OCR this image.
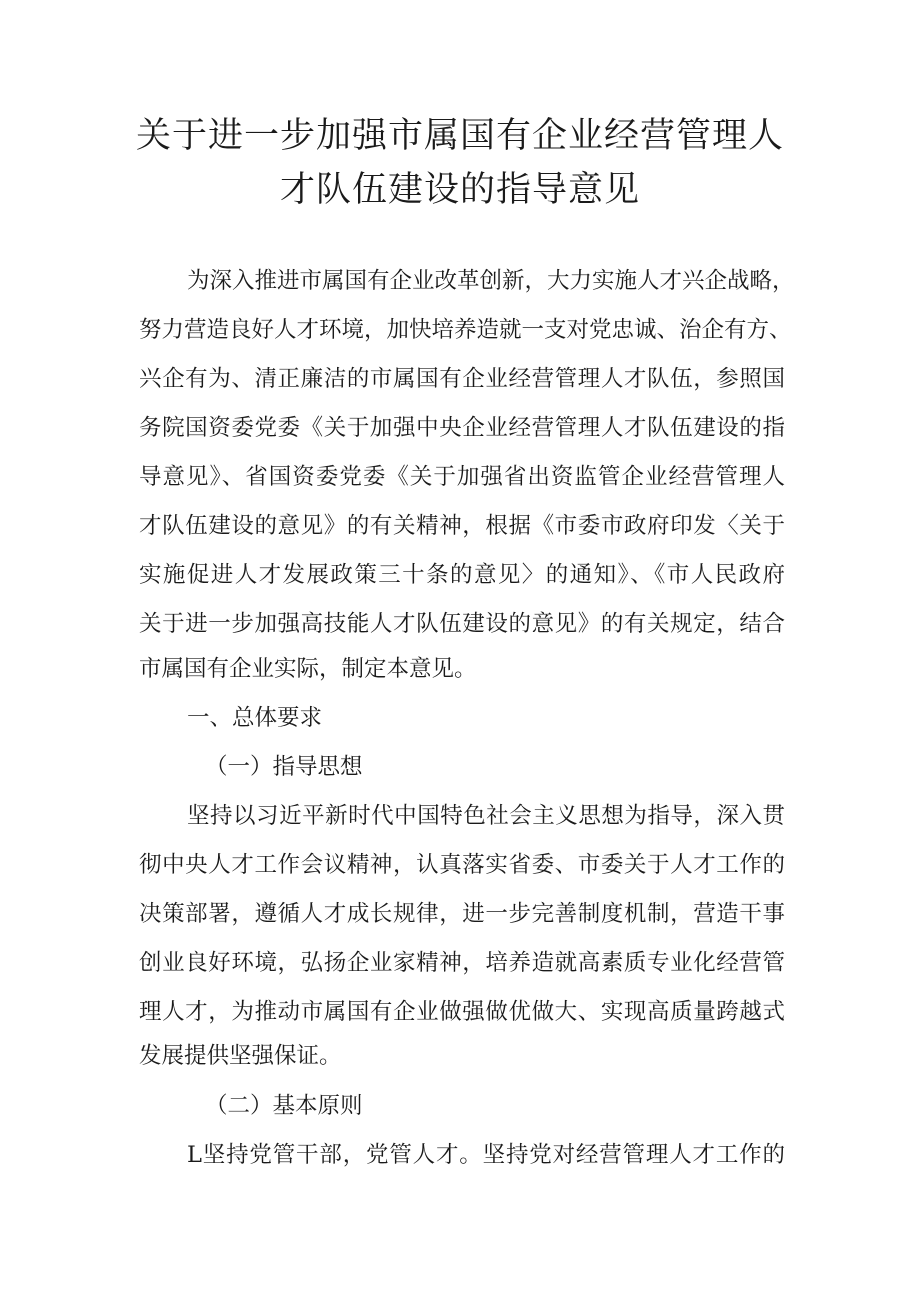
关于进一步加强市属国有企业经营管理人
才队伍建设的指导意见

为深入推进市属国有企业改革创新，大力实施人才兴企战略，

努力营造良好人才环境，加快培养造就一支对党忠诚、治企有方、

兴企有为、清正廉洁的市属国有企业经营管理人才队伍，参照国

务院国资委党委《关于加强中央企业经营管理人才队伍建设的指

导意见》、省国资委党委《关于加强省出资监管企业经营管理人

才队伍建设的意见》的有关精神，根据《市委市政府印发〈关于

实施促进人才发展政策三十条的意见〉的通知》、《市人民政府

关于进一步加强高技能人才队伍建设的意见》的有关规定，结合

市属国有企业实际，制定本意见。

一、总体要求

（一）指导思想

坚持以习近平新时代中国特色社会主义思想为指导，深入贯

彻中央人才工作会议精神，认真落实省委、市委关于人才工作的

决策部署，遵循人才成长规律，进一步完善制度机制，营造干事

创业良好环境，弘扬企业家精神，培养造就高素质专业化经营管

理人才，为推动市属国有企业做强做优做大、实现高质量跨越式

发展提供坚强保证。

（二）基本原则

L坚持党管干部，党管人才。坚持党对经营管理人才工作的
